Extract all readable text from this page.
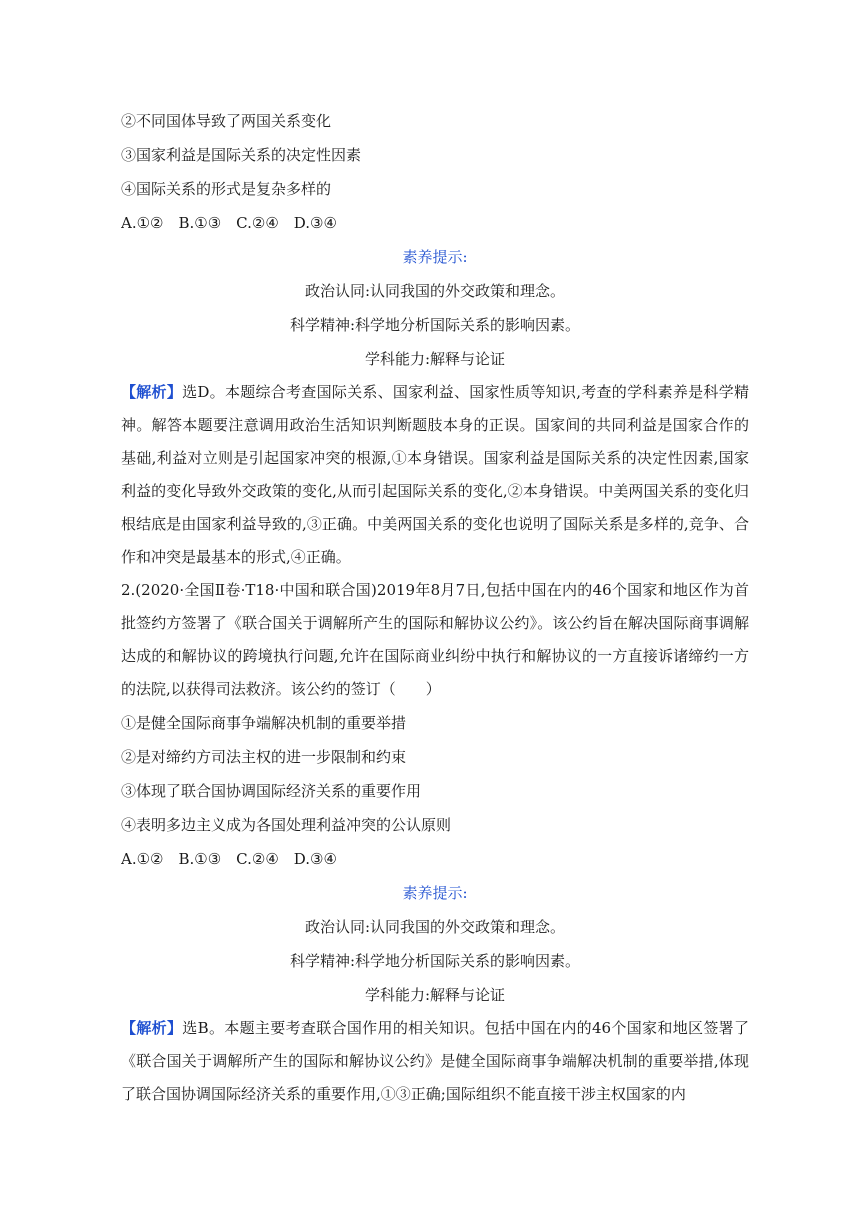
②不同国体导致了两国关系变化
③国家利益是国际关系的决定性因素
④国际关系的形式是复杂多样的
A.①②　B.①③　C.②④　D.③④
素养提示:
政治认同:认同我国的外交政策和理念。
科学精神:科学地分析国际关系的影响因素。
学科能力:解释与论证
【解析】选D。本题综合考查国际关系、国家利益、国家性质等知识,考查的学科素养是科学精神。解答本题要注意调用政治生活知识判断题肢本身的正误。国家间的共同利益是国家合作的基础,利益对立则是引起国家冲突的根源,①本身错误。国家利益是国际关系的决定性因素,国家利益的变化导致外交政策的变化,从而引起国际关系的变化,②本身错误。中美两国关系的变化归根结底是由国家利益导致的,③正确。中美两国关系的变化也说明了国际关系是多样的,竞争、合作和冲突是最基本的形式,④正确。
2.(2020·全国Ⅱ卷·T18·中国和联合国)2019年8月7日,包括中国在内的46个国家和地区作为首批签约方签署了《联合国关于调解所产生的国际和解协议公约》。该公约旨在解决国际商事调解达成的和解协议的跨境执行问题,允许在国际商业纠纷中执行和解协议的一方直接诉诸缔约一方的法院,以获得司法救济。该公约的签订（　　）
①是健全国际商事争端解决机制的重要举措
②是对缔约方司法主权的进一步限制和约束
③体现了联合国协调国际经济关系的重要作用
④表明多边主义成为各国处理利益冲突的公认原则
A.①②　B.①③　C.②④　D.③④
素养提示:
政治认同:认同我国的外交政策和理念。
科学精神:科学地分析国际关系的影响因素。
学科能力:解释与论证
【解析】选B。本题主要考查联合国作用的相关知识。包括中国在内的46个国家和地区签署了《联合国关于调解所产生的国际和解协议公约》是健全国际商事争端解决机制的重要举措,体现了联合国协调国际经济关系的重要作用,①③正确;国际组织不能直接干涉主权国家的内
